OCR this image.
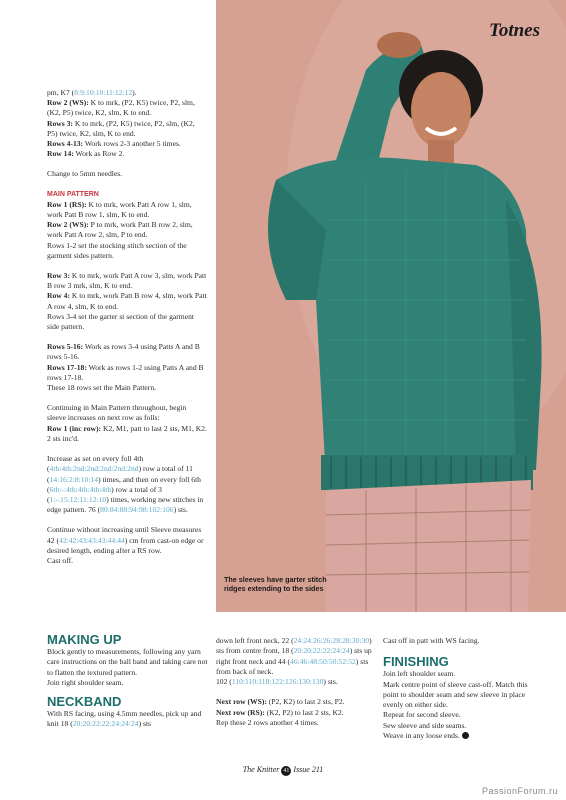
The sleeves have garter stitch ridges extending to the sides
Totnes

pm, K7 (8:9:10:10:11:12:12).

Row 2 (WS): K to mrk, (P2, K5) twice, P2, slm, (K2, P5) twice, K2, slm, K to end.

Rows 3: K to mrk, (P2, K5) twice, P2, slm, (K2, P5) twice, K2, slm, K to end.

Rows 4-13: Work rows 2-3 another 5 times.

Row 14: Work as Row 2.

Change to 5mm needles.

MAIN PATTERN

Row 1 (RS): K to mrk, work Patt A row 1, slm, work Patt B row 1, slm, K to end.

Row 2 (WS): P to mrk, work Patt B row 2, slm, work Patt A row 2, slm, P to end.

Rows 1-2 set the stocking stitch section of the garment sides pattern.

Row 3: K to mrk, work Patt A row 3, slm, work Patt B row 3 mrk, slm, K to end.

Row 4: K to mrk, work Patt B row 4, slm, work Patt A row 4, slm, K to end.

Rows 3-4 set the garter st section of the garment side pattern.

Rows 5-16: Work as rows 3-4 using Patts A and B rows 5-16.

Rows 17-18: Work as rows 1-2 using Patts A and B rows 17-18.

These 18 rows set the Main Pattern.

Continuing in Main Pattern throughout, begin sleeve increases on next row as folls:

Row 1 (inc row): K2, M1, patt to last 2 sts, M1, K2. 2 sts inc'd.

Increase as set on every foll 4th (4th:4th:2nd:2nd:2nd:2nd:2nd) row a total of 11 (14:16:2:8:10:14) times, and then on every foll 6th (6th:-:4th:4th:4th:4th) row a total of 3 (1:-:15:12:11:12:10) times, working new stitches in edge pattern. 76 (80:84:88:94:98:102:106) sts.

Continue without increasing until Sleeve measures 42 (42:42:43:43:43:44:44) cm from cast-on edge or desired length, ending after a RS row.

Cast off.

MAKING UP

Block gently to measurements, following any yarn care instructions on the ball band and taking care not to flatten the textured pattern.

Join right shoulder seam.

NECKBAND

With RS facing, using 4.5mm needles, pick up and knit 18 (20:20:22:22:24:24:24) sts

down left front neck, 22 (24:24:26:26:28:28:30:30) sts from centre front, 18 (20:20:22:22:24:24) sts up right front neck and 44 (46:46:48:50:50:52:52) sts from back of neck.

102 (110:110:118:122:126:130:130) sts.

Next row (WS): (P2, K2) to last 2 sts, P2.

Next row (RS): (K2, P2) to last 2 sts, K2.

Rep these 2 rows another 4 times.

Cast off in patt with WS facing.

FINISHING

Join left shoulder seam.

Mark centre point of sleeve cast-off. Match this point to shoulder seam and sew sleeve in place evenly on either side.

Repeat for second sleeve.

Sew sleeve and side seams.

Weave in any loose ends.

The Knitter 41 Issue 211
PassionForum.ru
